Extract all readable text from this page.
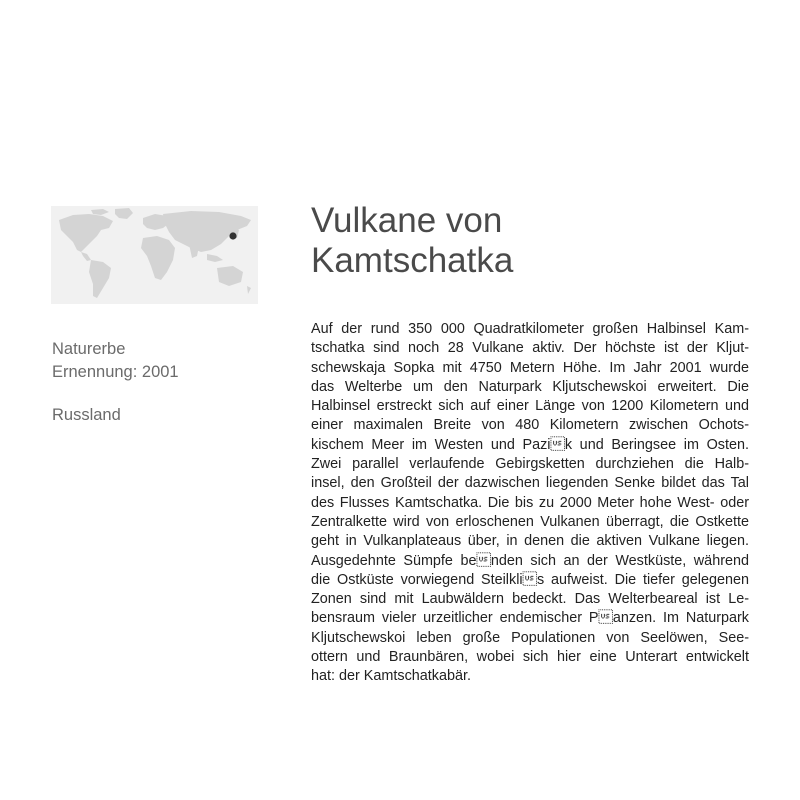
Naturerbe
Ernennung: 2001
Russland
Vulkane von
Kamtschatka
Auf der rund 350 000 Quadratkilometer großen Halbinsel Kam-
tschatka sind noch 28 Vulkane aktiv. Der höchste ist der Kljut-
schewskaja Sopka mit 4750 Metern Höhe. Im Jahr 2001 wurde
das Welterbe um den Naturpark Kljutschewskoi erweitert. Die
Halbinsel erstreckt sich auf einer Länge von 1200 Kilometern und
einer maximalen Breite von 480 Kilometern zwischen Ochots-
kischem Meer im Westen und Pazik und Beringsee im Osten.
Zwei parallel verlaufende Gebirgsketten durchziehen die Halb-
insel, den Großteil der dazwischen liegenden Senke bildet das Tal
des Flusses Kamtschatka. Die bis zu 2000 Meter hohe West- oder
Zentralkette wird von erloschenen Vulkanen überragt, die Ostkette
geht in Vulkanplateaus über, in denen die aktiven Vulkane liegen.
Ausgedehnte Sümpfe benden sich an der Westküste, während
die Ostküste vorwiegend Steilklis aufweist. Die tiefer gelegenen
Zonen sind mit Laubwäldern bedeckt. Das Welterbeareal ist Le-
bensraum vieler urzeitlicher endemischer Panzen. Im Naturpark
Kljutschewskoi leben große Populationen von Seelöwen, See-
ottern und Braunbären, wobei sich hier eine Unterart entwickelt
hat: der Kamtschatkabär.
